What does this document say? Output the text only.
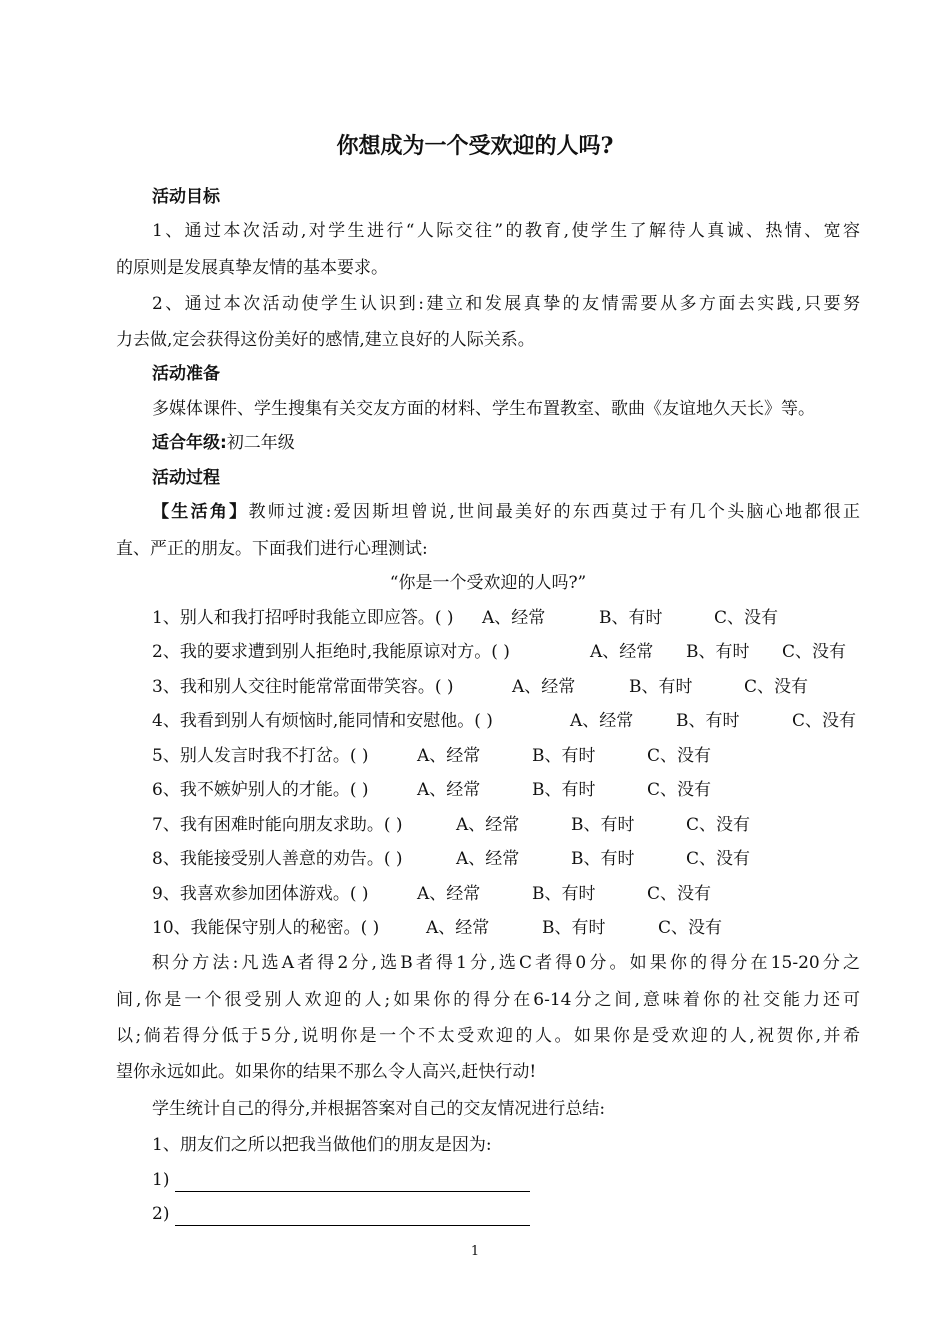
你想成为一个受欢迎的人吗?
活动目标
1、通过本次活动,对学生进行“人际交往”的教育,使学生了解待人真诚、热情、宽容
的原则是发展真挚友情的基本要求。
2、通过本次活动使学生认识到:建立和发展真挚的友情需要从多方面去实践,只要努
力去做,定会获得这份美好的感情,建立良好的人际关系。
活动准备
多媒体课件、学生搜集有关交友方面的材料、学生布置教室、歌曲《友谊地久天长》等。
适合年级:初二年级
活动过程
【生活角】教师过渡:爱因斯坦曾说,世间最美好的东西莫过于有几个头脑心地都很正
直、严正的朋友。下面我们进行心理测试:
“你是一个受欢迎的人吗?”
1、别人和我打招呼时我能立即应答。( ) A、经常	B、有时	C、没有
2、我的要求遭到别人拒绝时,我能原谅对方。( )	A、经常 B、有时 C、没有
3、我和别人交往时能常常面带笑容。( )	A、经常	B、有时	C、没有
4、我看到别人有烦恼时,能同情和安慰他。( )	A、经常	B、有时	C、没有
5、别人发言时我不打岔。( )	A、经常	B、有时	C、没有
6、我不嫉妒别人的才能。( )	A、经常	B、有时	C、没有
7、我有困难时能向朋友求助。( )	A、经常	B、有时	C、没有
8、我能接受别人善意的劝告。( )	A、经常	B、有时	C、没有
9、我喜欢参加团体游戏。( )	A、经常	B、有时	C、没有
10、我能保守别人的秘密。( )	A、经常	B、有时	C、没有
积分方法:凡选A者得2分,选B者得1分,选C者得0分。如果你的得分在15-20分之
间,你是一个很受别人欢迎的人;如果你的得分在6-14分之间,意味着你的社交能力还可
以;倘若得分低于5分,说明你是一个不太受欢迎的人。如果你是受欢迎的人,祝贺你,并希
望你永远如此。如果你的结果不那么令人高兴,赶快行动!
学生统计自己的得分,并根据答案对自己的交友情况进行总结:
1、朋友们之所以把我当做他们的朋友是因为:
1)
2)
1
